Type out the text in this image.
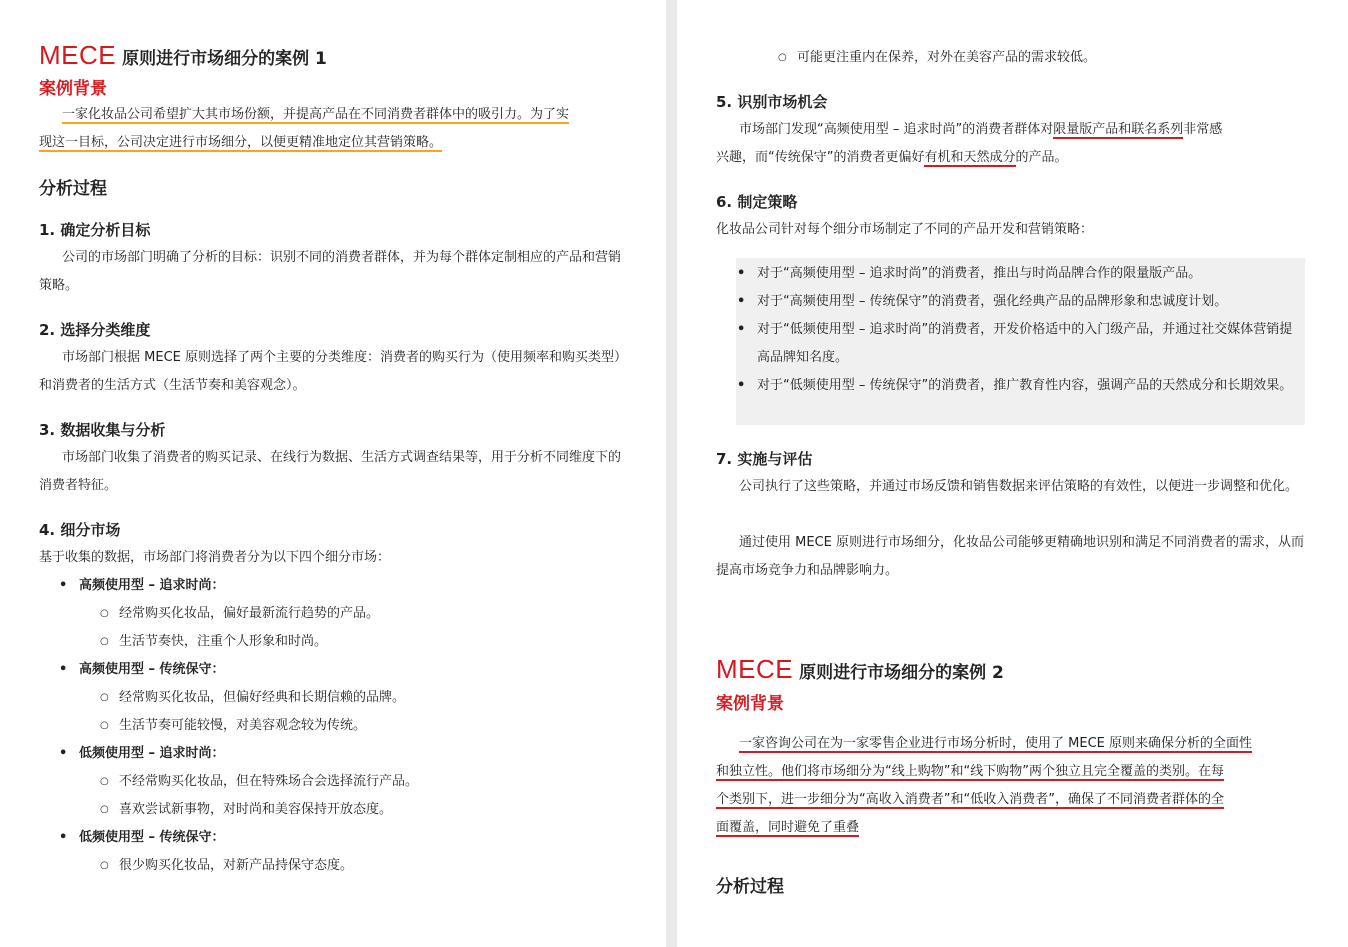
MECE 原则进行市场细分的案例 1
案例背景
一家化妆品公司希望扩大其市场份额，并提高产品在不同消费者群体中的吸引力。为了实
现这一目标，公司决定进行市场细分，以便更精准地定位其营销策略。
分析过程
1. 确定分析目标
公司的市场部门明确了分析的目标：识别不同的消费者群体，并为每个群体定制相应的产品和营销策略。
2. 选择分类维度
市场部门根据 MECE 原则选择了两个主要的分类维度：消费者的购买行为（使用频率和购买类型）和消费者的生活方式（生活节奏和美容观念）。
3. 数据收集与分析
市场部门收集了消费者的购买记录、在线行为数据、生活方式调查结果等，用于分析不同维度下的消费者特征。
4. 细分市场
基于收集的数据，市场部门将消费者分为以下四个细分市场：
• 高频使用型 – 追求时尚：
○ 经常购买化妆品，偏好最新流行趋势的产品。
○ 生活节奏快，注重个人形象和时尚。
• 高频使用型 – 传统保守：
○ 经常购买化妆品，但偏好经典和长期信赖的品牌。
○ 生活节奏可能较慢，对美容观念较为传统。
• 低频使用型 – 追求时尚：
○ 不经常购买化妆品，但在特殊场合会选择流行产品。
○ 喜欢尝试新事物，对时尚和美容保持开放态度。
• 低频使用型 – 传统保守：
○ 很少购买化妆品，对新产品持保守态度。
○ 可能更注重内在保养，对外在美容产品的需求较低。
5. 识别市场机会
市场部门发现“高频使用型 – 追求时尚”的消费者群体对限量版产品和联名系列非常感
兴趣，而“传统保守”的消费者更偏好有机和天然成分的产品。
6. 制定策略
化妆品公司针对每个细分市场制定了不同的产品开发和营销策略：
• 对于“高频使用型 – 追求时尚”的消费者，推出与时尚品牌合作的限量版产品。
• 对于“高频使用型 – 传统保守”的消费者，强化经典产品的品牌形象和忠诚度计划。
• 对于“低频使用型 – 追求时尚”的消费者，开发价格适中的入门级产品，并通过社交媒体营销提高品牌知名度。
• 对于“低频使用型 – 传统保守”的消费者，推广教育性内容，强调产品的天然成分和长期效果。
7. 实施与评估
公司执行了这些策略，并通过市场反馈和销售数据来评估策略的有效性，以便进一步调整和优化。
通过使用 MECE 原则进行市场细分，化妆品公司能够更精确地识别和满足不同消费者的需求，从而提高市场竞争力和品牌影响力。
MECE 原则进行市场细分的案例 2
案例背景
一家咨询公司在为一家零售企业进行市场分析时，使用了 MECE 原则来确保分析的全面性
和独立性。他们将市场细分为“线上购物”和“线下购物”两个独立且完全覆盖的类别。在每
个类别下，进一步细分为“高收入消费者”和“低收入消费者”，确保了不同消费者群体的全
面覆盖，同时避免了重叠
分析过程
